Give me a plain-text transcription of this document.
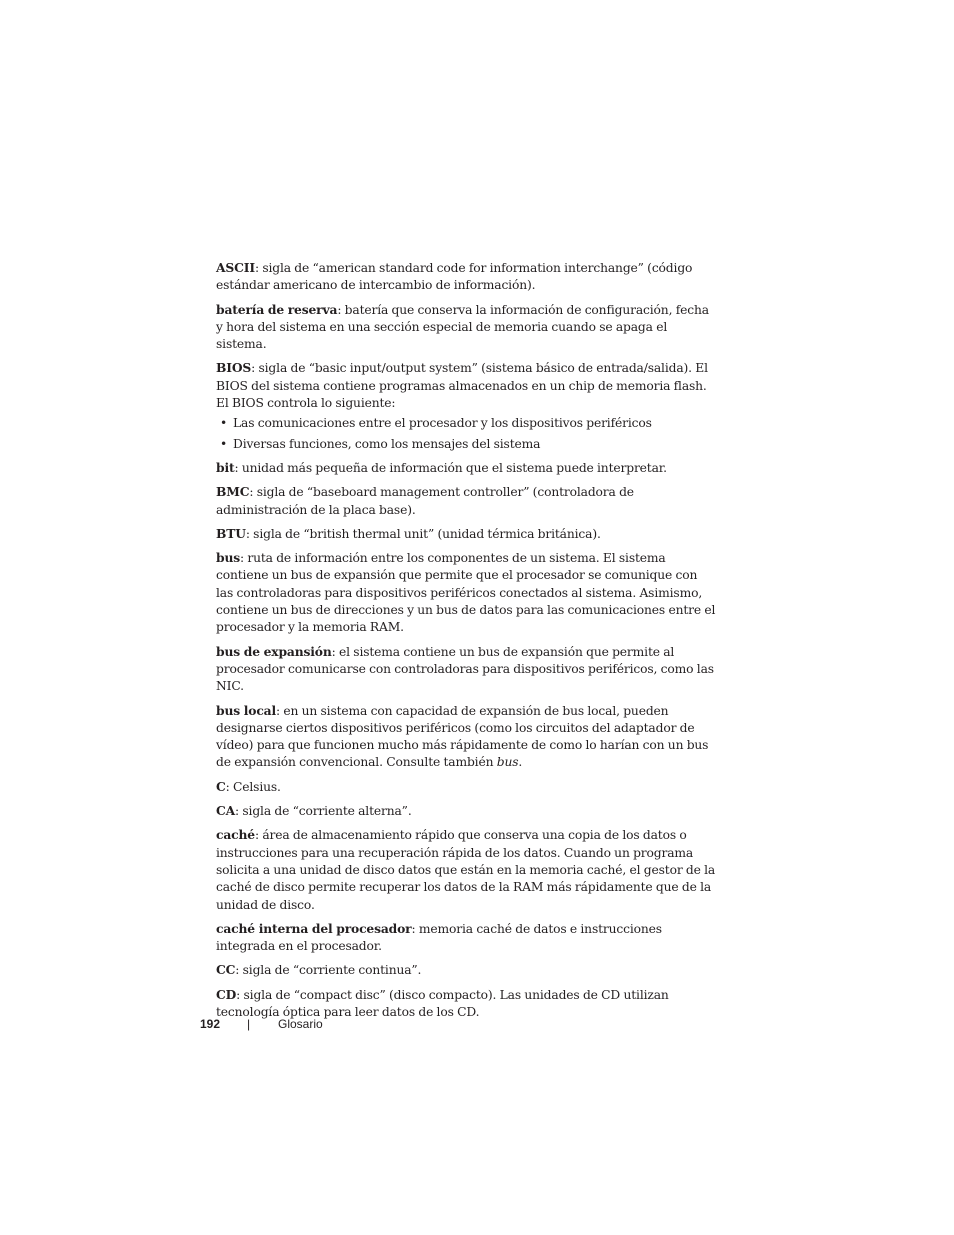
ASCII: sigla de “american standard code for information interchange” (código estándar americano de intercambio de información).

batería de reserva: batería que conserva la información de configuración, fecha y hora del sistema en una sección especial de memoria cuando se apaga el sistema.

BIOS: sigla de “basic input/output system” (sistema básico de entrada/salida). El BIOS del sistema contiene programas almacenados en un chip de memoria flash.

El BIOS controla lo siguiente:

• Las comunicaciones entre el procesador y los dispositivos periféricos
• Diversas funciones, como los mensajes del sistema

bit: unidad más pequeña de información que el sistema puede interpretar.

BMC: sigla de “baseboard management controller” (controladora de administración de la placa base).

BTU: sigla de “british thermal unit” (unidad térmica británica).

bus: ruta de información entre los componentes de un sistema. El sistema contiene un bus de expansión que permite que el procesador se comunique con las controladoras para dispositivos periféricos conectados al sistema. Asimismo, contiene un bus de direcciones y un bus de datos para las comunicaciones entre el procesador y la memoria RAM.

bus de expansión: el sistema contiene un bus de expansión que permite al procesador comunicarse con controladoras para dispositivos periféricos, como las NIC.

bus local: en un sistema con capacidad de expansión de bus local, pueden designarse ciertos dispositivos periféricos (como los circuitos del adaptador de vídeo) para que funcionen mucho más rápidamente de como lo harían con un bus de expansión convencional. Consulte también bus.

C: Celsius.

CA: sigla de “corriente alterna”.

caché: área de almacenamiento rápido que conserva una copia de los datos o instrucciones para una recuperación rápida de los datos. Cuando un programa solicita a una unidad de disco datos que están en la memoria caché, el gestor de la caché de disco permite recuperar los datos de la RAM más rápidamente que de la unidad de disco.

caché interna del procesador: memoria caché de datos e instrucciones integrada en el procesador.

CC: sigla de “corriente continua”.

CD: sigla de “compact disc” (disco compacto). Las unidades de CD utilizan tecnología óptica para leer datos de los CD.

192 | Glosario
